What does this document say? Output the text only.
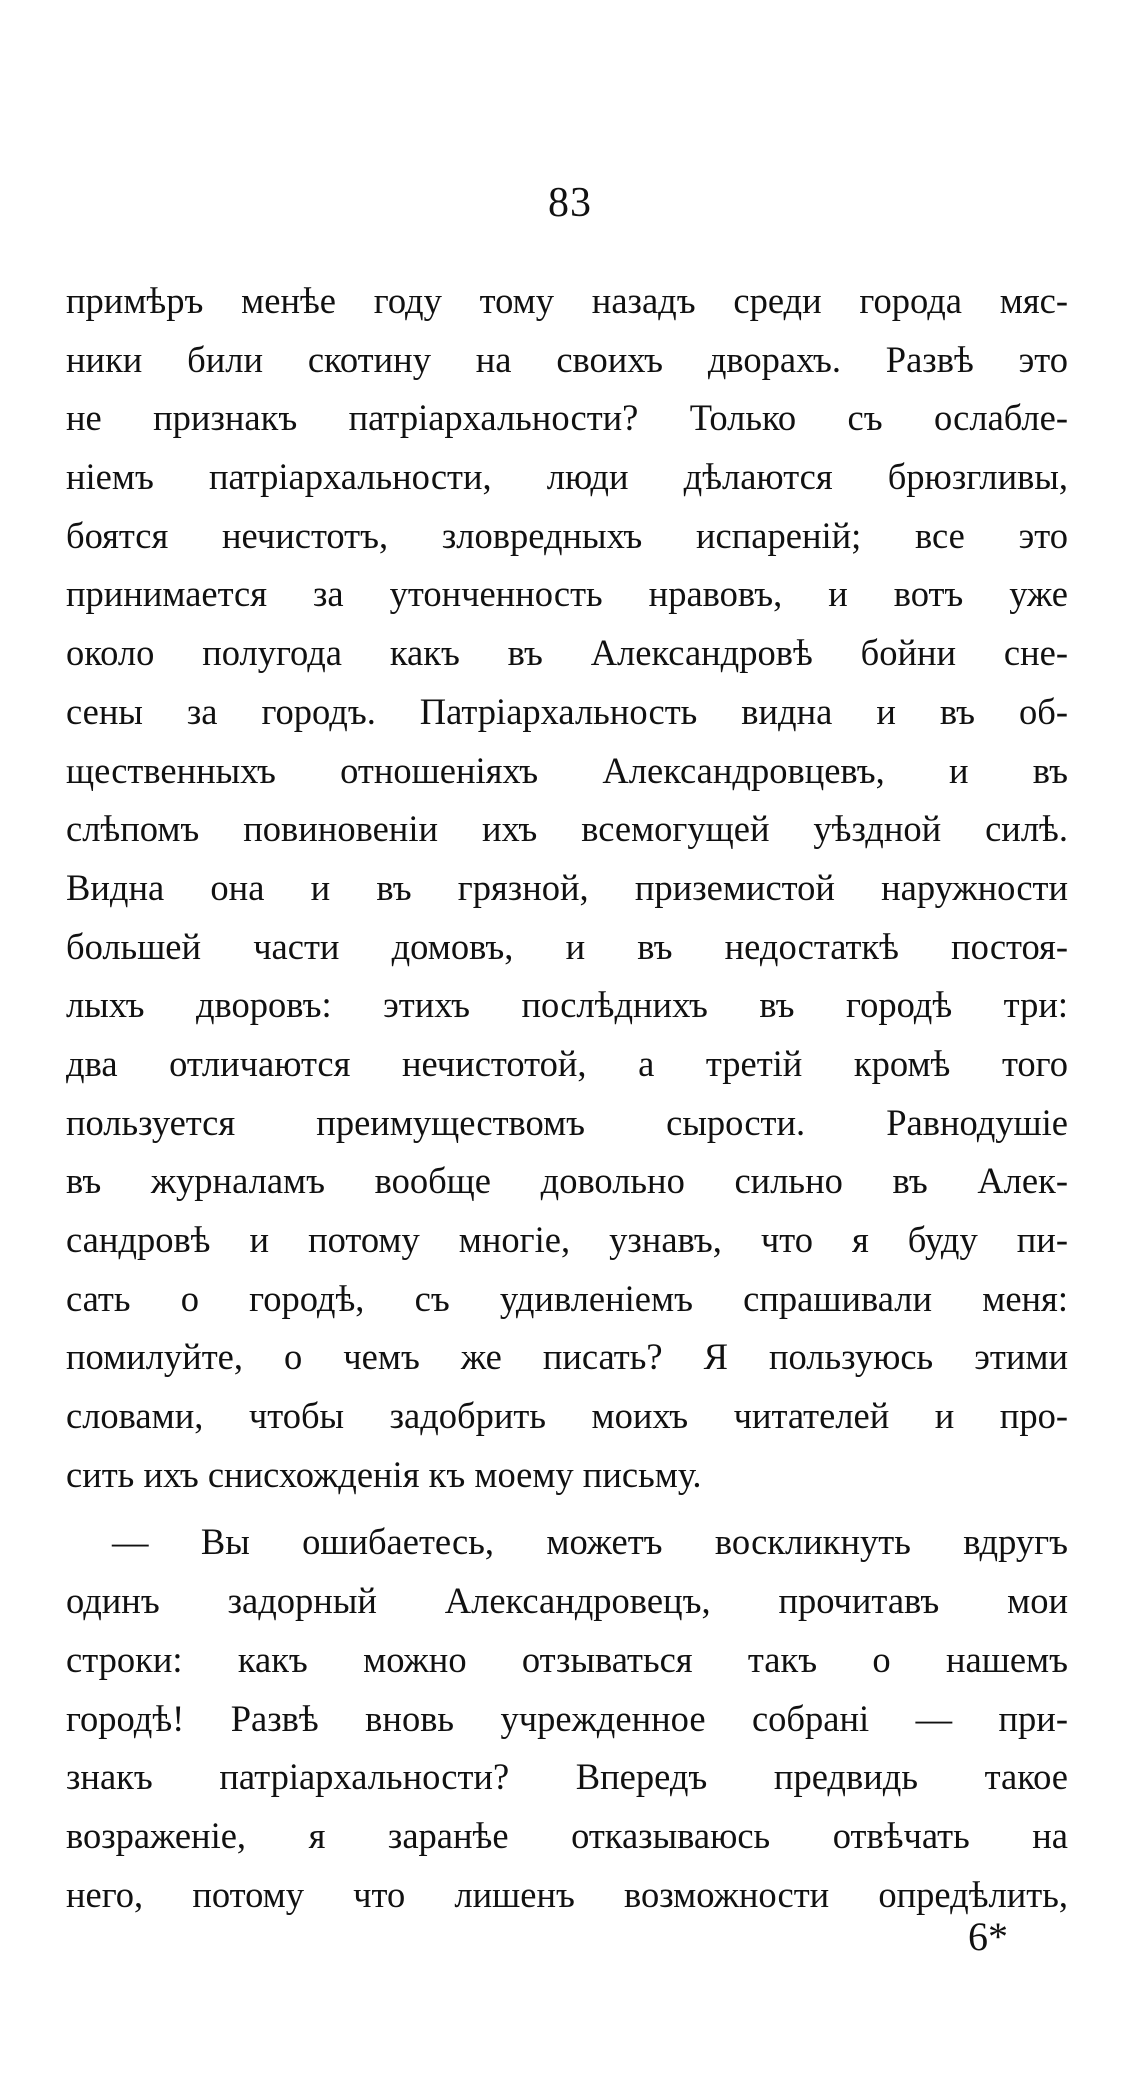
83
примѣръ менѣе году тому назадъ среди города мяс-
ники били скотину на своихъ дворахъ. Развѣ это
не признакъ патріархальности? Только съ ослабле-
ніемъ патріархальности, люди дѣлаются брюзгливы,
боятся нечистотъ, зловредныхъ испареній; все это
принимается за утонченность нравовъ, и вотъ уже
около полугода какъ въ Александровѣ бойни сне-
сены за городъ. Патріархальность видна и въ об-
щественныхъ отношеніяхъ Александровцевъ, и въ
слѣпомъ повиновеніи ихъ всемогущей уѣздной силѣ.
Видна она и въ грязной, приземистой наружности
большей части домовъ, и въ недостаткѣ постоя-
лыхъ дворовъ: этихъ послѣднихъ въ городѣ три:
два отличаются нечистотой, а третій кромѣ того
пользуется преимуществомъ сырости. Равнодушіе
въ журналамъ вообще довольно сильно въ Алек-
сандровѣ и потому многіе, узнавъ, что я буду пи-
сать о городѣ, съ удивленіемъ спрашивали меня:
помилуйте, о чемъ же писать? Я пользуюсь этими
словами, чтобы задобрить моихъ читателей и про-
сить ихъ снисхожденія къ моему письму.
— Вы ошибаетесь, можетъ воскликнуть вдругъ
одинъ задорный Александровецъ, прочитавъ мои
строки: какъ можно отзываться такъ о нашемъ
городѣ! Развѣ вновь учрежденное собрані — при-
знакъ патріархальности? Впередъ предвидь такое
возраженіе, я заранѣе отказываюсь отвѣчать на
него, потому что лишенъ возможности опредѣлить,
6*
